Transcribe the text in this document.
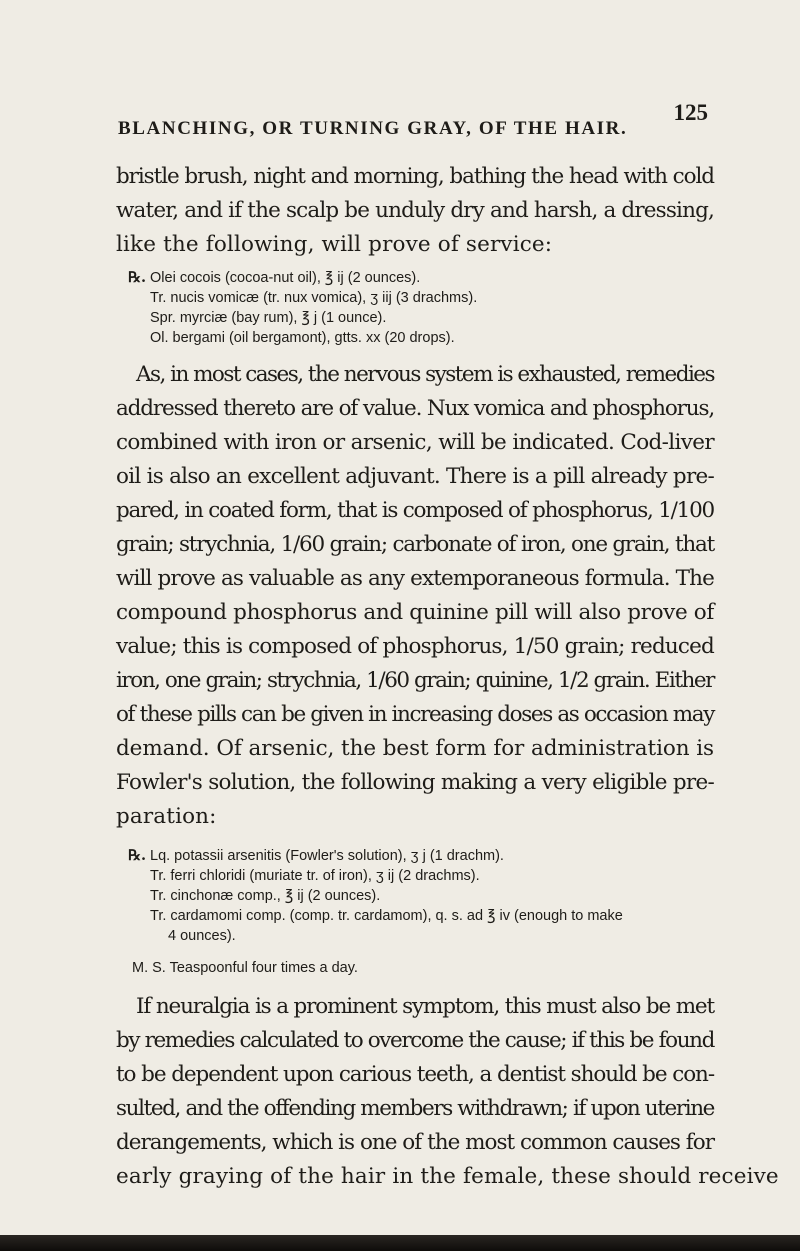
BLANCHING, OR TURNING GRAY, OF THE HAIR.
125

bristle brush, night and morning, bathing the head with cold
water, and if the scalp be unduly dry and harsh, a dressing,
like the following, will prove of service:

℞. Olei cocois (cocoa-nut oil), ℥ ij (2 ounces).
Tr. nucis vomicæ (tr. nux vomica), ʒ iij (3 drachms).
Spr. myrciæ (bay rum), ℥ j (1 ounce).
Ol. bergami (oil bergamont), gtts. xx (20 drops).

As, in most cases, the nervous system is exhausted, remedies
addressed thereto are of value. Nux vomica and phosphorus,
combined with iron or arsenic, will be indicated. Cod-liver
oil is also an excellent adjuvant. There is a pill already pre-
pared, in coated form, that is composed of phosphorus, 1/100
grain; strychnia, 1/60 grain; carbonate of iron, one grain, that
will prove as valuable as any extemporaneous formula. The
compound phosphorus and quinine pill will also prove of
value; this is composed of phosphorus, 1/50 grain; reduced
iron, one grain; strychnia, 1/60 grain; quinine, 1/2 grain. Either
of these pills can be given in increasing doses as occasion may
demand. Of arsenic, the best form for administration is
Fowler's solution, the following making a very eligible pre-
paration:

℞. Lq. potassii arsenitis (Fowler's solution), ʒ j (1 drachm).
Tr. ferri chloridi (muriate tr. of iron), ʒ ij (2 drachms).
Tr. cinchonæ comp., ℥ ij (2 ounces).
Tr. cardamomi comp. (comp. tr. cardamom), q. s. ad ℥ iv (enough to make
4 ounces).
M. S. Teaspoonful four times a day.

If neuralgia is a prominent symptom, this must also be met
by remedies calculated to overcome the cause; if this be found
to be dependent upon carious teeth, a dentist should be con-
sulted, and the offending members withdrawn; if upon uterine
derangements, which is one of the most common causes for
early graying of the hair in the female, these should receive
